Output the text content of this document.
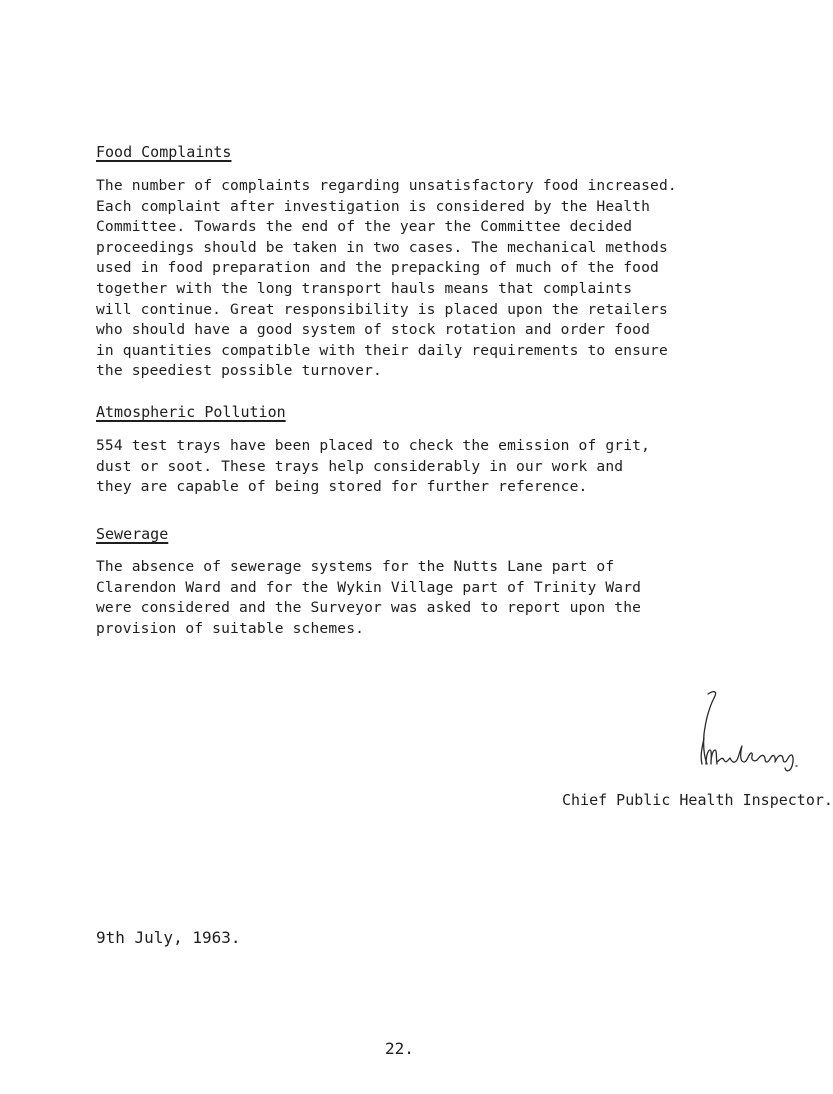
Food Complaints
The number of complaints regarding unsatisfactory food increased.
Each complaint after investigation is considered by the Health
Committee. Towards the end of the year the Committee decided
proceedings should be taken in two cases. The mechanical methods
used in food preparation and the prepacking of much of the food
together with the long transport hauls means that complaints
will continue. Great responsibility is placed upon the retailers
who should have a good system of stock rotation and order food
in quantities compatible with their daily requirements to ensure
the speediest possible turnover.
Atmospheric Pollution
554 test trays have been placed to check the emission of grit,
dust or soot. These trays help considerably in our work and
they are capable of being stored for further reference.
Sewerage
The absence of sewerage systems for the Nutts Lane part of
Clarendon Ward and for the Wykin Village part of Trinity Ward
were considered and the Surveyor was asked to report upon the
provision of suitable schemes.
Chief Public Health Inspector.
9th July, 1963.
22.
